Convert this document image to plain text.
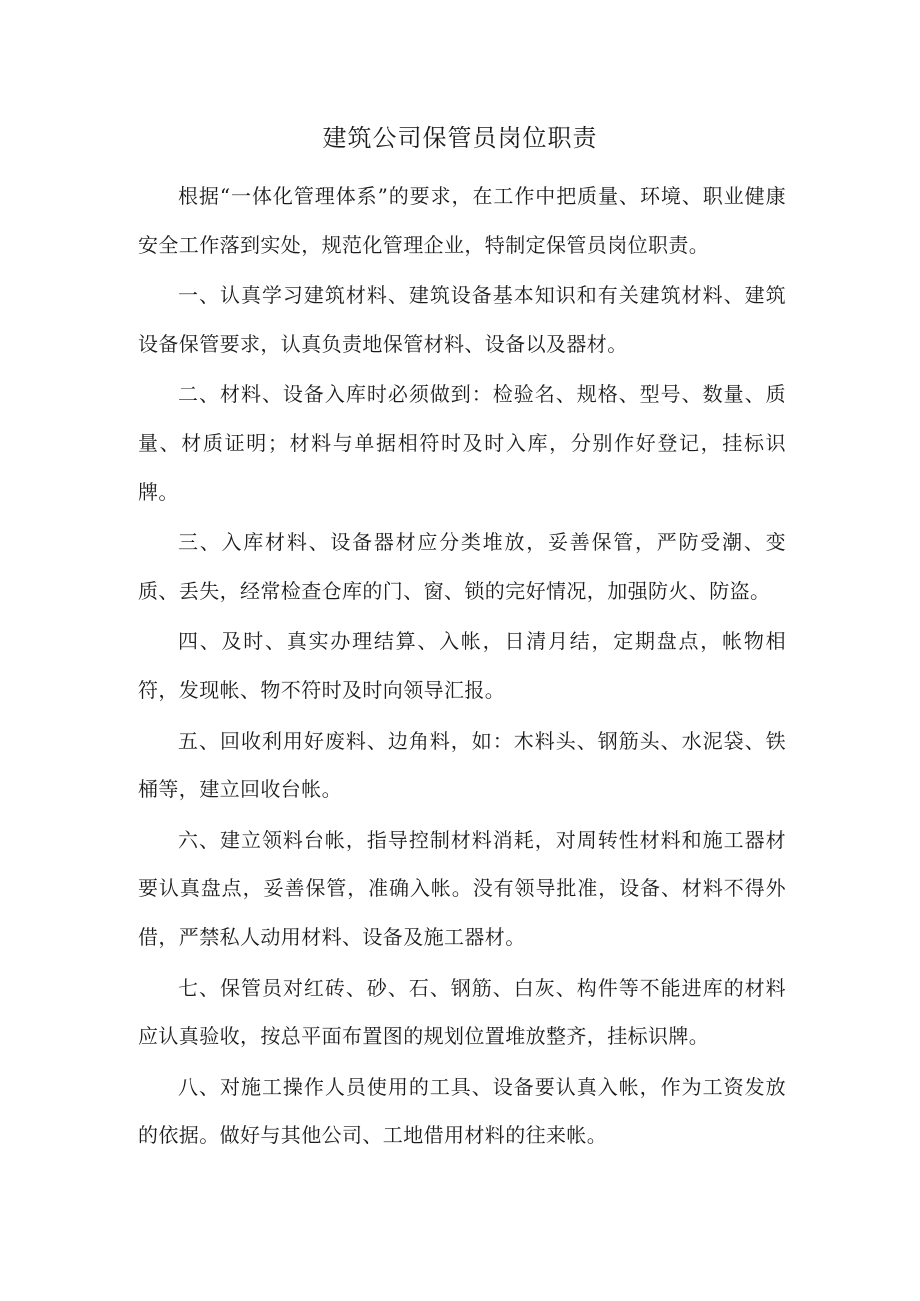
建筑公司保管员岗位职责

根据“一体化管理体系”的要求，在工作中把质量、环境、职业健康安全工作落到实处，规范化管理企业，特制定保管员岗位职责。

一、认真学习建筑材料、建筑设备基本知识和有关建筑材料、建筑设备保管要求，认真负责地保管材料、设备以及器材。

二、材料、设备入库时必须做到：检验名、规格、型号、数量、质量、材质证明；材料与单据相符时及时入库，分别作好登记，挂标识牌。

三、入库材料、设备器材应分类堆放，妥善保管，严防受潮、变质、丢失，经常检查仓库的门、窗、锁的完好情况，加强防火、防盗。

四、及时、真实办理结算、入帐，日清月结，定期盘点，帐物相符，发现帐、物不符时及时向领导汇报。

五、回收利用好废料、边角料，如：木料头、钢筋头、水泥袋、铁桶等，建立回收台帐。

六、建立领料台帐，指导控制材料消耗，对周转性材料和施工器材要认真盘点，妥善保管，准确入帐。没有领导批准，设备、材料不得外借，严禁私人动用材料、设备及施工器材。

七、保管员对红砖、砂、石、钢筋、白灰、构件等不能进库的材料应认真验收，按总平面布置图的规划位置堆放整齐，挂标识牌。

八、对施工操作人员使用的工具、设备要认真入帐，作为工资发放的依据。做好与其他公司、工地借用材料的往来帐。
